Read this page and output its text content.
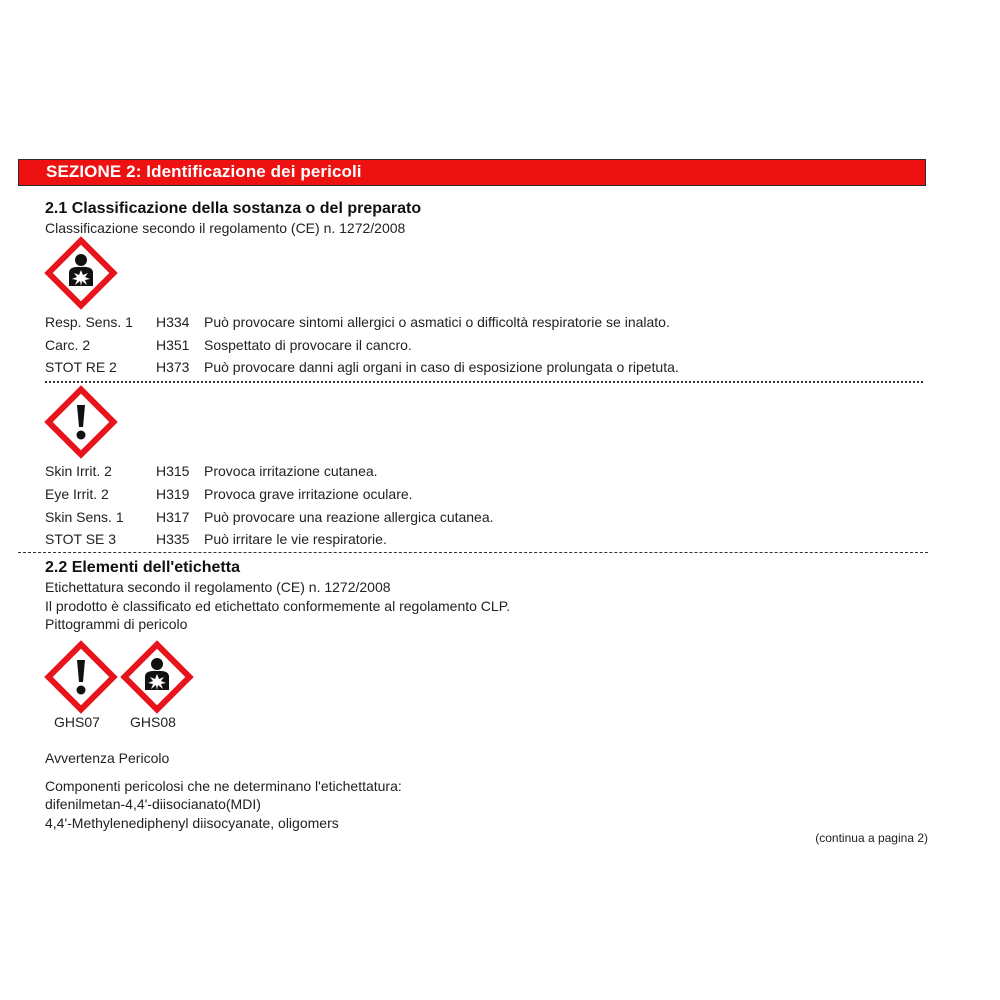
SEZIONE 2: Identificazione dei pericoli
2.1 Classificazione della sostanza o del preparato
Classificazione secondo il regolamento (CE) n. 1272/2008
Resp. Sens. 1 H334 Può provocare sintomi allergici o asmatici o difficoltà respiratorie se inalato.
Carc. 2	H351 Sospettato di provocare il cancro.
STOT RE 2	H373 Può provocare danni agli organi in caso di esposizione prolungata o ripetuta.
Skin Irrit. 2	H315 Provoca irritazione cutanea.
Eye Irrit. 2	H319 Provoca grave irritazione oculare.
Skin Sens. 1 H317 Può provocare una reazione allergica cutanea.
STOT SE 3	H335 Può irritare le vie respiratorie.
2.2 Elementi dell'etichetta
Etichettatura secondo il regolamento (CE) n. 1272/2008
Il prodotto è classificato ed etichettato conformemente al regolamento CLP.
Pittogrammi di pericolo
GHS07 GHS08
Avvertenza Pericolo
Componenti pericolosi che ne determinano l'etichettatura:
difenilmetan-4,4'-diisocianato(MDI)
4,4'-Methylenediphenyl diisocyanate, oligomers
(continua a pagina 2)
